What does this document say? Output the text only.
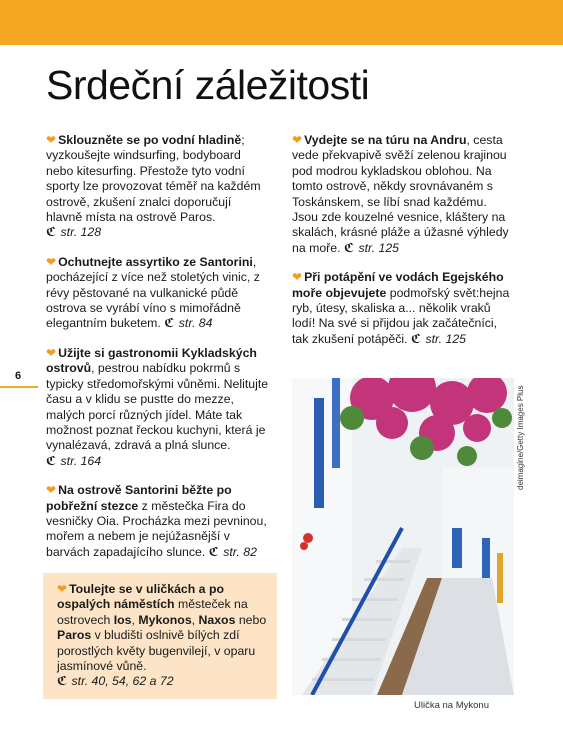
Srdeční záležitosti
6

❤ Sklouzněte se po vodní hladině; vyzkoušejte windsurfing, bodyboard nebo kitesurfing. Přestože tyto vodní sporty lze provozovat téměř na každém ostrově, zkušení znalci doporučují hlavně místa na ostrově Paros. ℭ str. 128

❤ Ochutnejte assyrtiko ze Santorini, pocházející z více než stoletých vinic, z révy pěstované na vulkanické půdě ostrova se vyrábí víno s mimořádně elegantním buketem. ℭ str. 84

❤ Užijte si gastronomii Kykladských ostrovů, pestrou nabídku pokrmů s typicky středomořskými vůněmi. Nelitujte času a v klidu se pustte do mezze, malých porcí různých jídel. Máte tak možnost poznat řeckou kuchyni, která je vynalézavá, zdravá a plná slunce. ℭ str. 164

❤ Na ostrově Santorini běžte po pobřežní stezce z městečka Fira do vesničky Oia. Procházka mezi pevninou, mořem a nebem je nejúžasnější v barvách zapadajícího slunce. ℭ str. 82

❤ Toulejte se v uličkách a po ospalých náměstích městeček na ostrovech Ios, Mykonos, Naxos nebo Paros v bludišti oslnivě bílých zdí porostlých květy bugenvilejí, v oparu jasmínové vůně.
ℭ str. 40, 54, 62 a 72

❤ Vydejte se na túru na Andru, cesta vede překvapivě svěží zelenou krajinou pod modrou kykladskou oblohou. Na tomto ostrově, někdy srovnávaném s Toskánskem, se líbí snad každému. Jsou zde kouzelné vesnice, kláštery na skalách, krásné pláže a úžasné výhledy na moře. ℭ str. 125

❤ Při potápění ve vodách Egejského moře objevujete podmořský svět:hejna ryb, útesy, skaliska a... několik vraků lodí! Na své si přijdou jak začátečníci, tak zkušení potápěči. ℭ str. 125

deimagine/Getty Images Plus
Ulička na Mykonu
